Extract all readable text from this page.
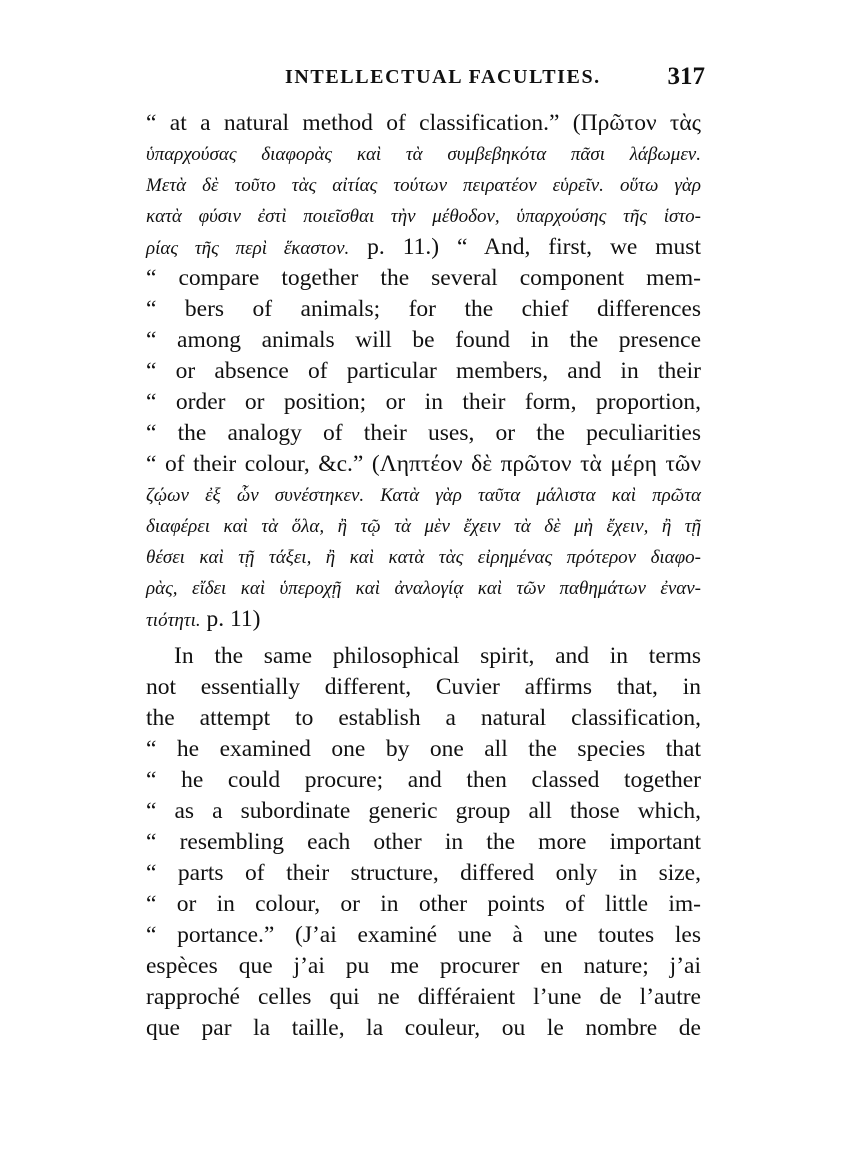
INTELLECTUAL FACULTIES.	317
“ at a natural method of classification.” (Πρῶτον τὰς
ὑπαρχούσας διαφορὰς καὶ τὰ συμβεβηκότα πᾶσι λάβωμεν.
Μετὰ δὲ τοῦτο τὰς αἰτίας τούτων πειρατέον εὑρεῖν. οὕτω γὰρ
κατὰ φύσιν ἐστὶ ποιεῖσθαι τὴν μέθοδον, ὑπαρχούσης τῆς ἱστο-
ρίας τῆς περὶ ἕκαστον. p. 11.) “ And, first, we must
“ compare together the several component mem-
“ bers of animals; for the chief differences
“ among animals will be found in the presence
“ or absence of particular members, and in their
“ order or position; or in their form, proportion,
“ the analogy of their uses, or the peculiarities
“ of their colour, &c.” (Ληπτέον δὲ πρῶτον τὰ μέρη τῶν
ζῴων ἐξ ὧν συνέστηκεν. Κατὰ γὰρ ταῦτα μάλιστα καὶ πρῶτα
διαφέρει καὶ τὰ ὅλα, ἢ τῷ τὰ μὲν ἔχειν τὰ δὲ μὴ ἔχειν, ἢ τῇ
θέσει καὶ τῇ τάξει, ἢ καὶ κατὰ τὰς εἰρημένας πρότερον διαφο-
ρὰς, εἴδει καὶ ὑπεροχῇ καὶ ἀναλογίᾳ καὶ τῶν παθημάτων ἐναν-
τιότητι. p. 11)
In the same philosophical spirit, and in terms
not essentially different, Cuvier affirms that, in
the attempt to establish a natural classification,
“ he examined one by one all the species that
“ he could procure; and then classed together
“ as a subordinate generic group all those which,
“ resembling each other in the more important
“ parts of their structure, differed only in size,
“ or in colour, or in other points of little im-
“ portance.” (J’ai examiné une à une toutes les
espèces que j’ai pu me procurer en nature; j’ai
rapproché celles qui ne différaient l’une de l’autre
que par la taille, la couleur, ou le nombre de
